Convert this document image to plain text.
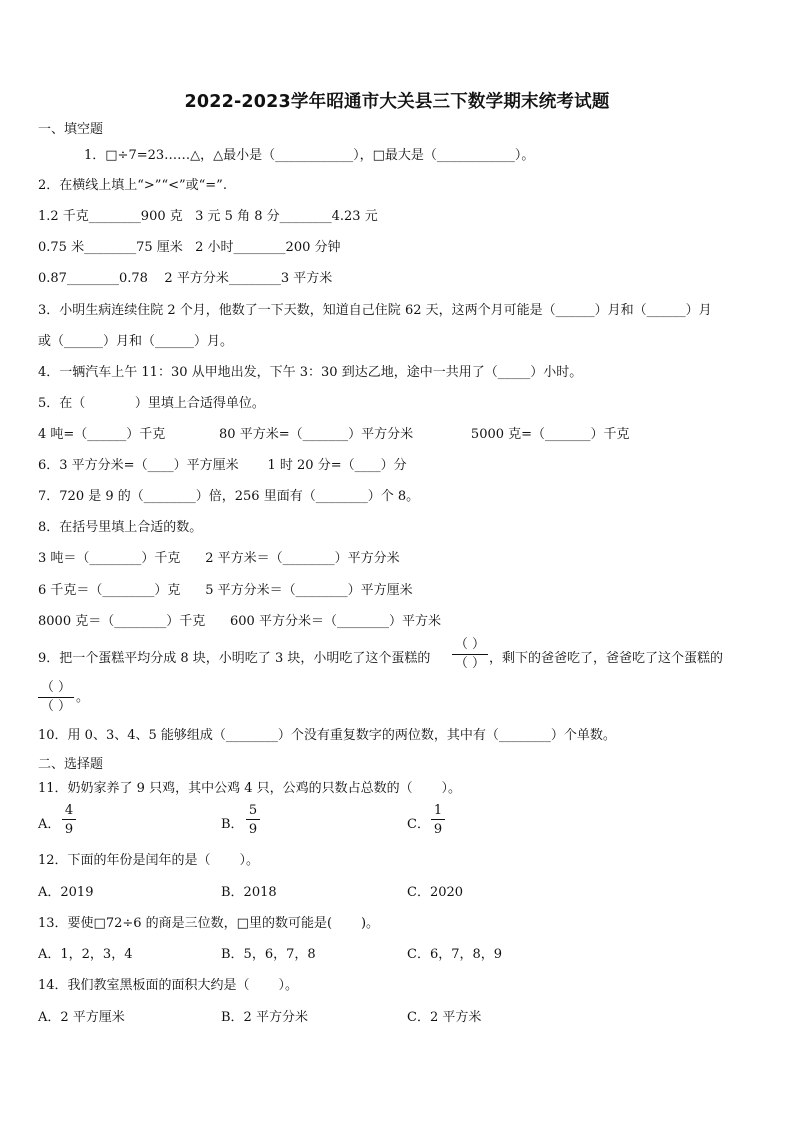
2022-2023学年昭通市大关县三下数学期末统考试题
一、填空题
1．□÷7=23……△，△最小是（____________），□最大是（____________）。
2．在横线上填上“>”“<”或“=”.
1.2 千克________900 克   3 元 5 角 8 分________4.23 元
0.75 米________75 厘米   2 小时________200 分钟
0.87________0.78    2 平方分米________3 平方米
3．小明生病连续住院 2 个月，他数了一下天数，知道自己住院 62 天，这两个月可能是（______）月和（______）月
或（______）月和（______）月。
4．一辆汽车上午 11：30 从甲地出发，下午 3：30 到达乙地，途中一共用了（_____）小时。
5．在（            ）里填上合适得单位。
4 吨=（______）千克             80 平方米=（_______）平方分米              5000 克=（_______）千克
6．3 平方分米=（____）平方厘米       1 时 20 分=（____）分
7．720 是 9 的（________）倍，256 里面有（________）个 8。
8．在括号里填上合适的数。
3 吨＝（________）千克      2 平方米＝（________）平方分米
6 千克＝（________）克      5 平方分米＝（________）平方厘米
8000 克＝（________）千克      600 平方分米＝（________）平方米
9．把一个蛋糕平均分成 8 块，小明吃了 3 块，小明吃了这个蛋糕的
（ ）
（ ） ，剩下的爸爸吃了，爸爸吃了这个蛋糕的
（ ）
（ ）
。
10．用 0、3、4、5 能够组成（________）个没有重复数字的两位数，其中有（________）个单数。
二、选择题
11．奶奶家养了 9 只鸡，其中公鸡 4 只，公鸡的只数占总数的（       ）。
A．
4
9	B．
5
9	C．
1
9
12．下面的年份是闰年的是（       ）。
A．2019	B．2018	C．2020
13．要使□72÷6 的商是三位数，□里的数可能是(       )。
A．1，2，3，4	B．5，6，7，8	C．6，7，8，9
14．我们教室黑板面的面积大约是（       ）。
A．2 平方厘米	B．2 平方分米	C．2 平方米
